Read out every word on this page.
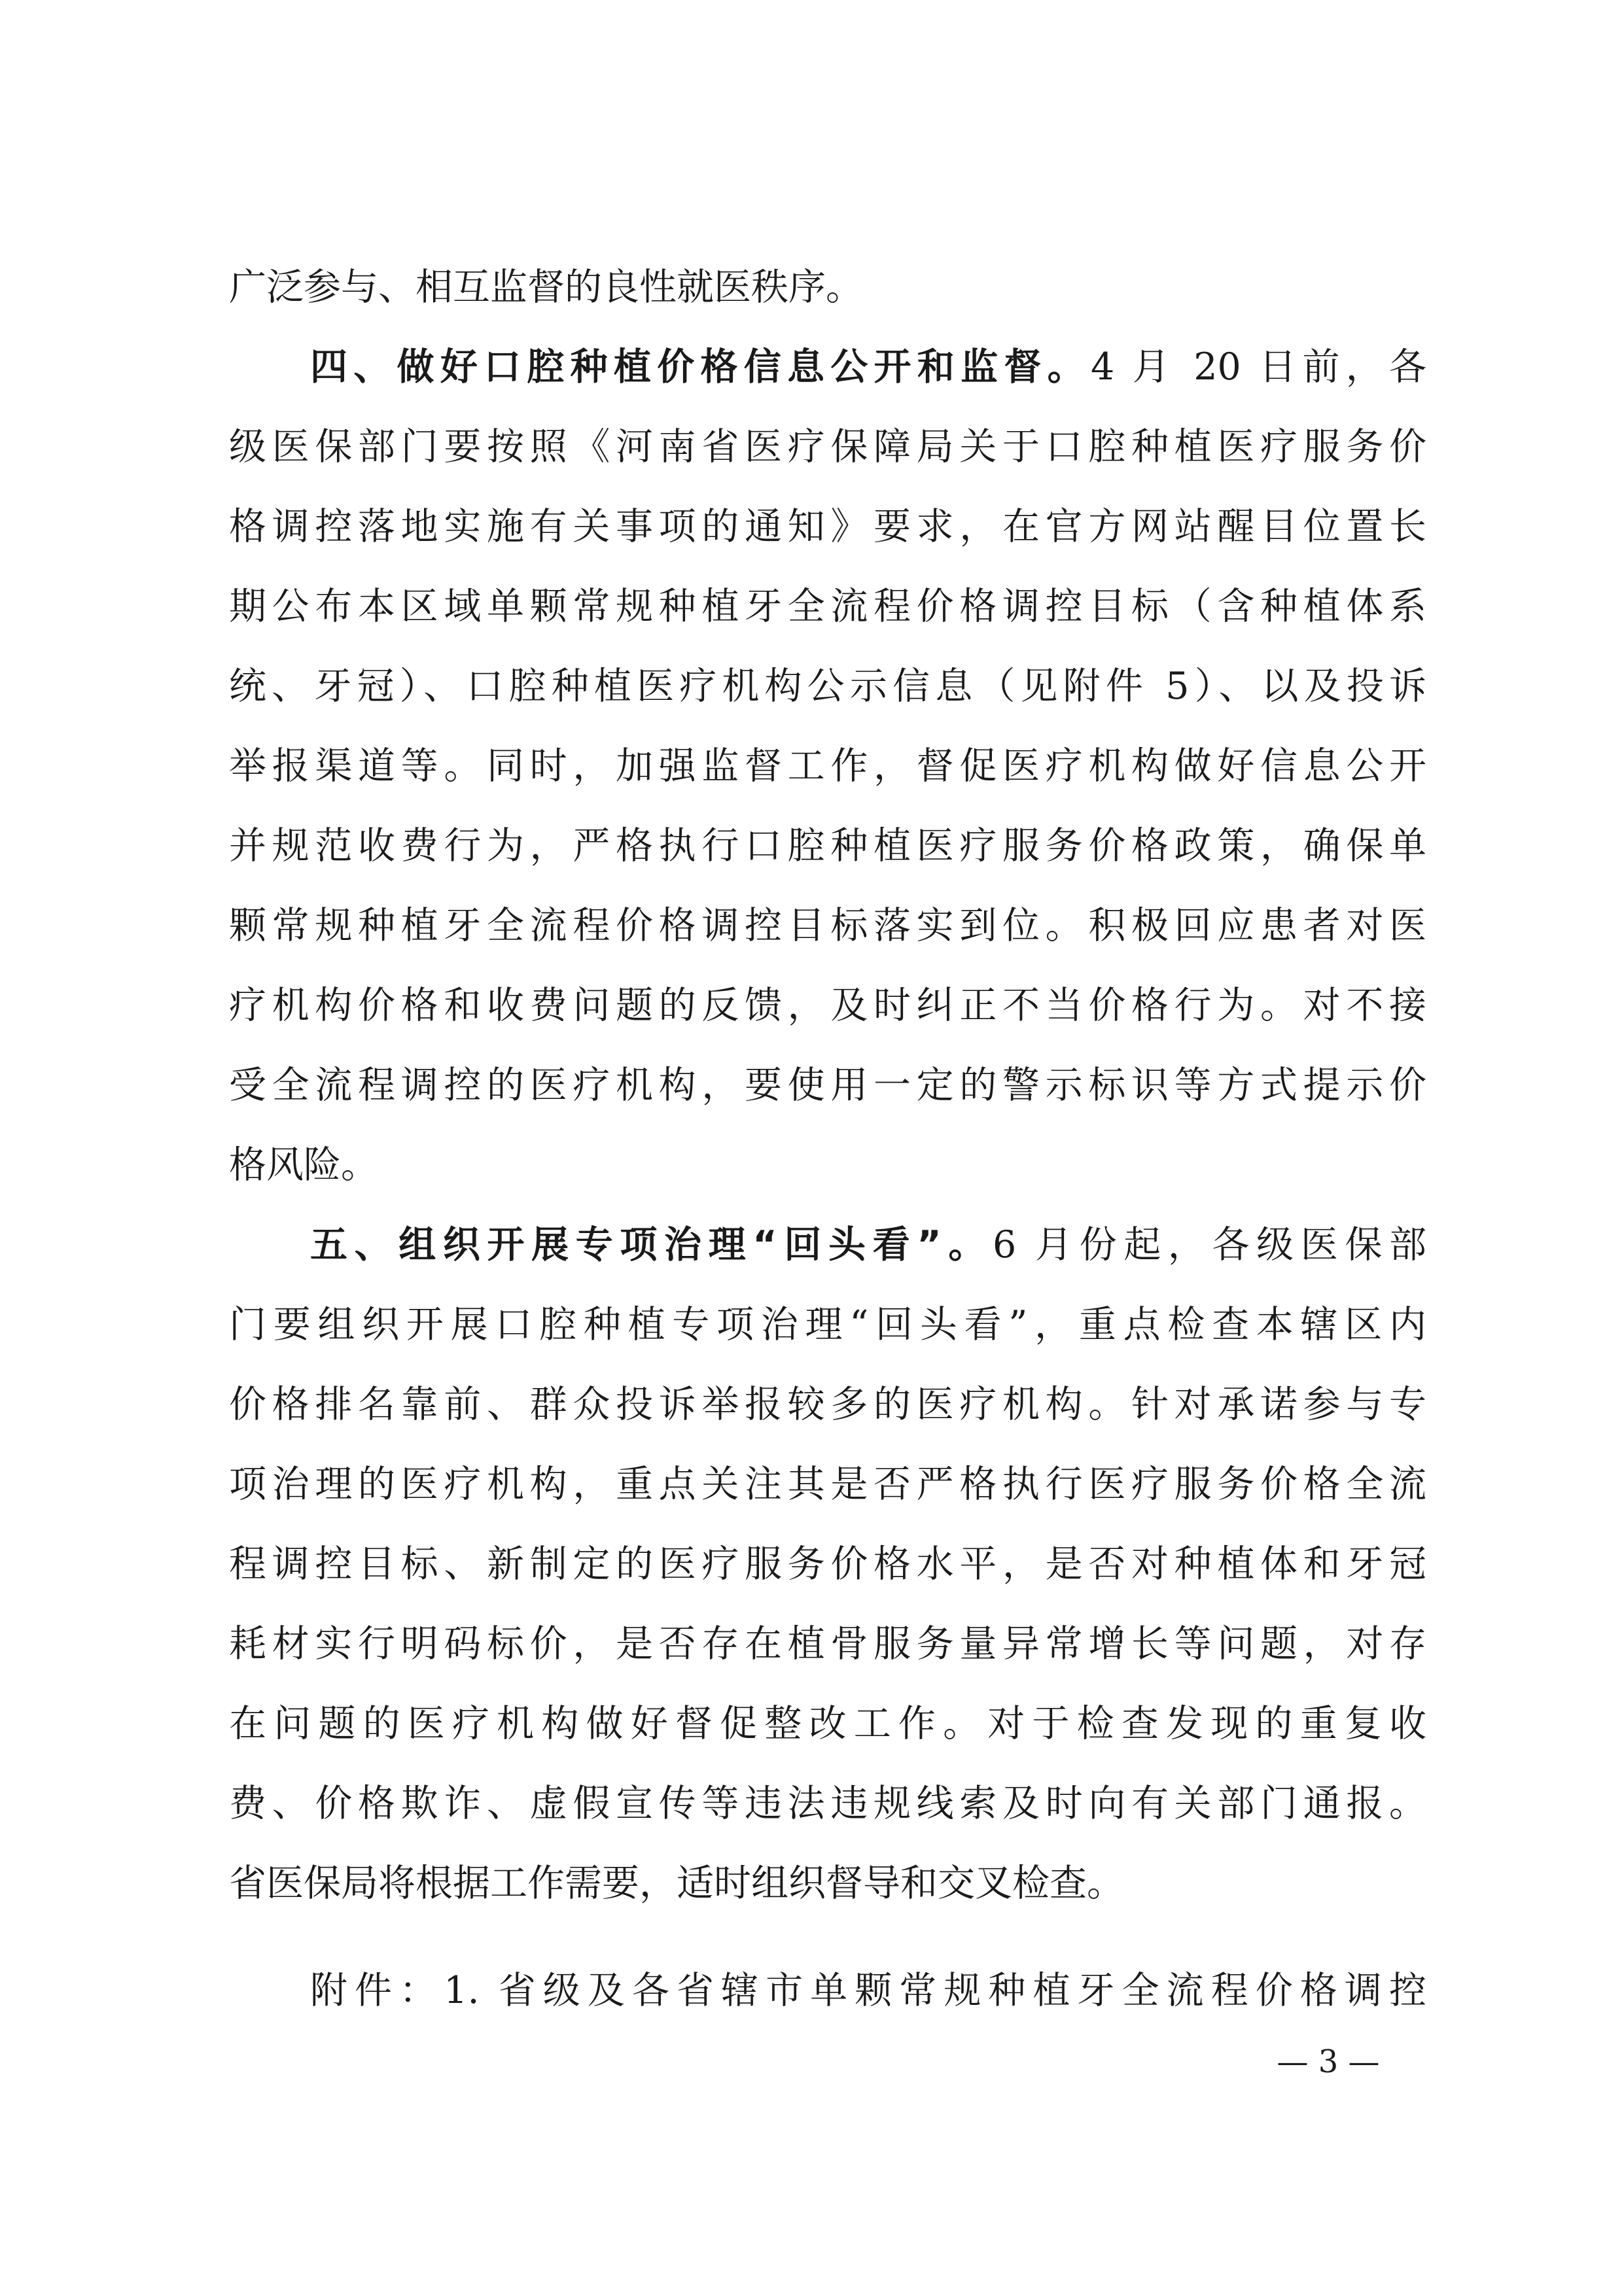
广泛参与、相互监督的良性就医秩序。
四、做好口腔种植价格信息公开和监督。4 月 20 日前，各
级医保部门要按照《河南省医疗保障局关于口腔种植医疗服务价
格调控落地实施有关事项的通知》要求，在官方网站醒目位置长
期公布本区域单颗常规种植牙全流程价格调控目标（含种植体系
统、牙冠）、口腔种植医疗机构公示信息（见附件 5）、以及投诉
举报渠道等。同时，加强监督工作，督促医疗机构做好信息公开
并规范收费行为，严格执行口腔种植医疗服务价格政策，确保单
颗常规种植牙全流程价格调控目标落实到位。积极回应患者对医
疗机构价格和收费问题的反馈，及时纠正不当价格行为。对不接
受全流程调控的医疗机构，要使用一定的警示标识等方式提示价
格风险。
五、组织开展专项治理“回头看”。6 月份起，各级医保部
门要组织开展口腔种植专项治理“回头看”，重点检查本辖区内
价格排名靠前、群众投诉举报较多的医疗机构。针对承诺参与专
项治理的医疗机构，重点关注其是否严格执行医疗服务价格全流
程调控目标、新制定的医疗服务价格水平，是否对种植体和牙冠
耗材实行明码标价，是否存在植骨服务量异常增长等问题，对存
在问题的医疗机构做好督促整改工作。对于检查发现的重复收
费、价格欺诈、虚假宣传等违法违规线索及时向有关部门通报。
省医保局将根据工作需要，适时组织督导和交叉检查。
附件：1. 省级及各省辖市单颗常规种植牙全流程价格调控
— 3 —
